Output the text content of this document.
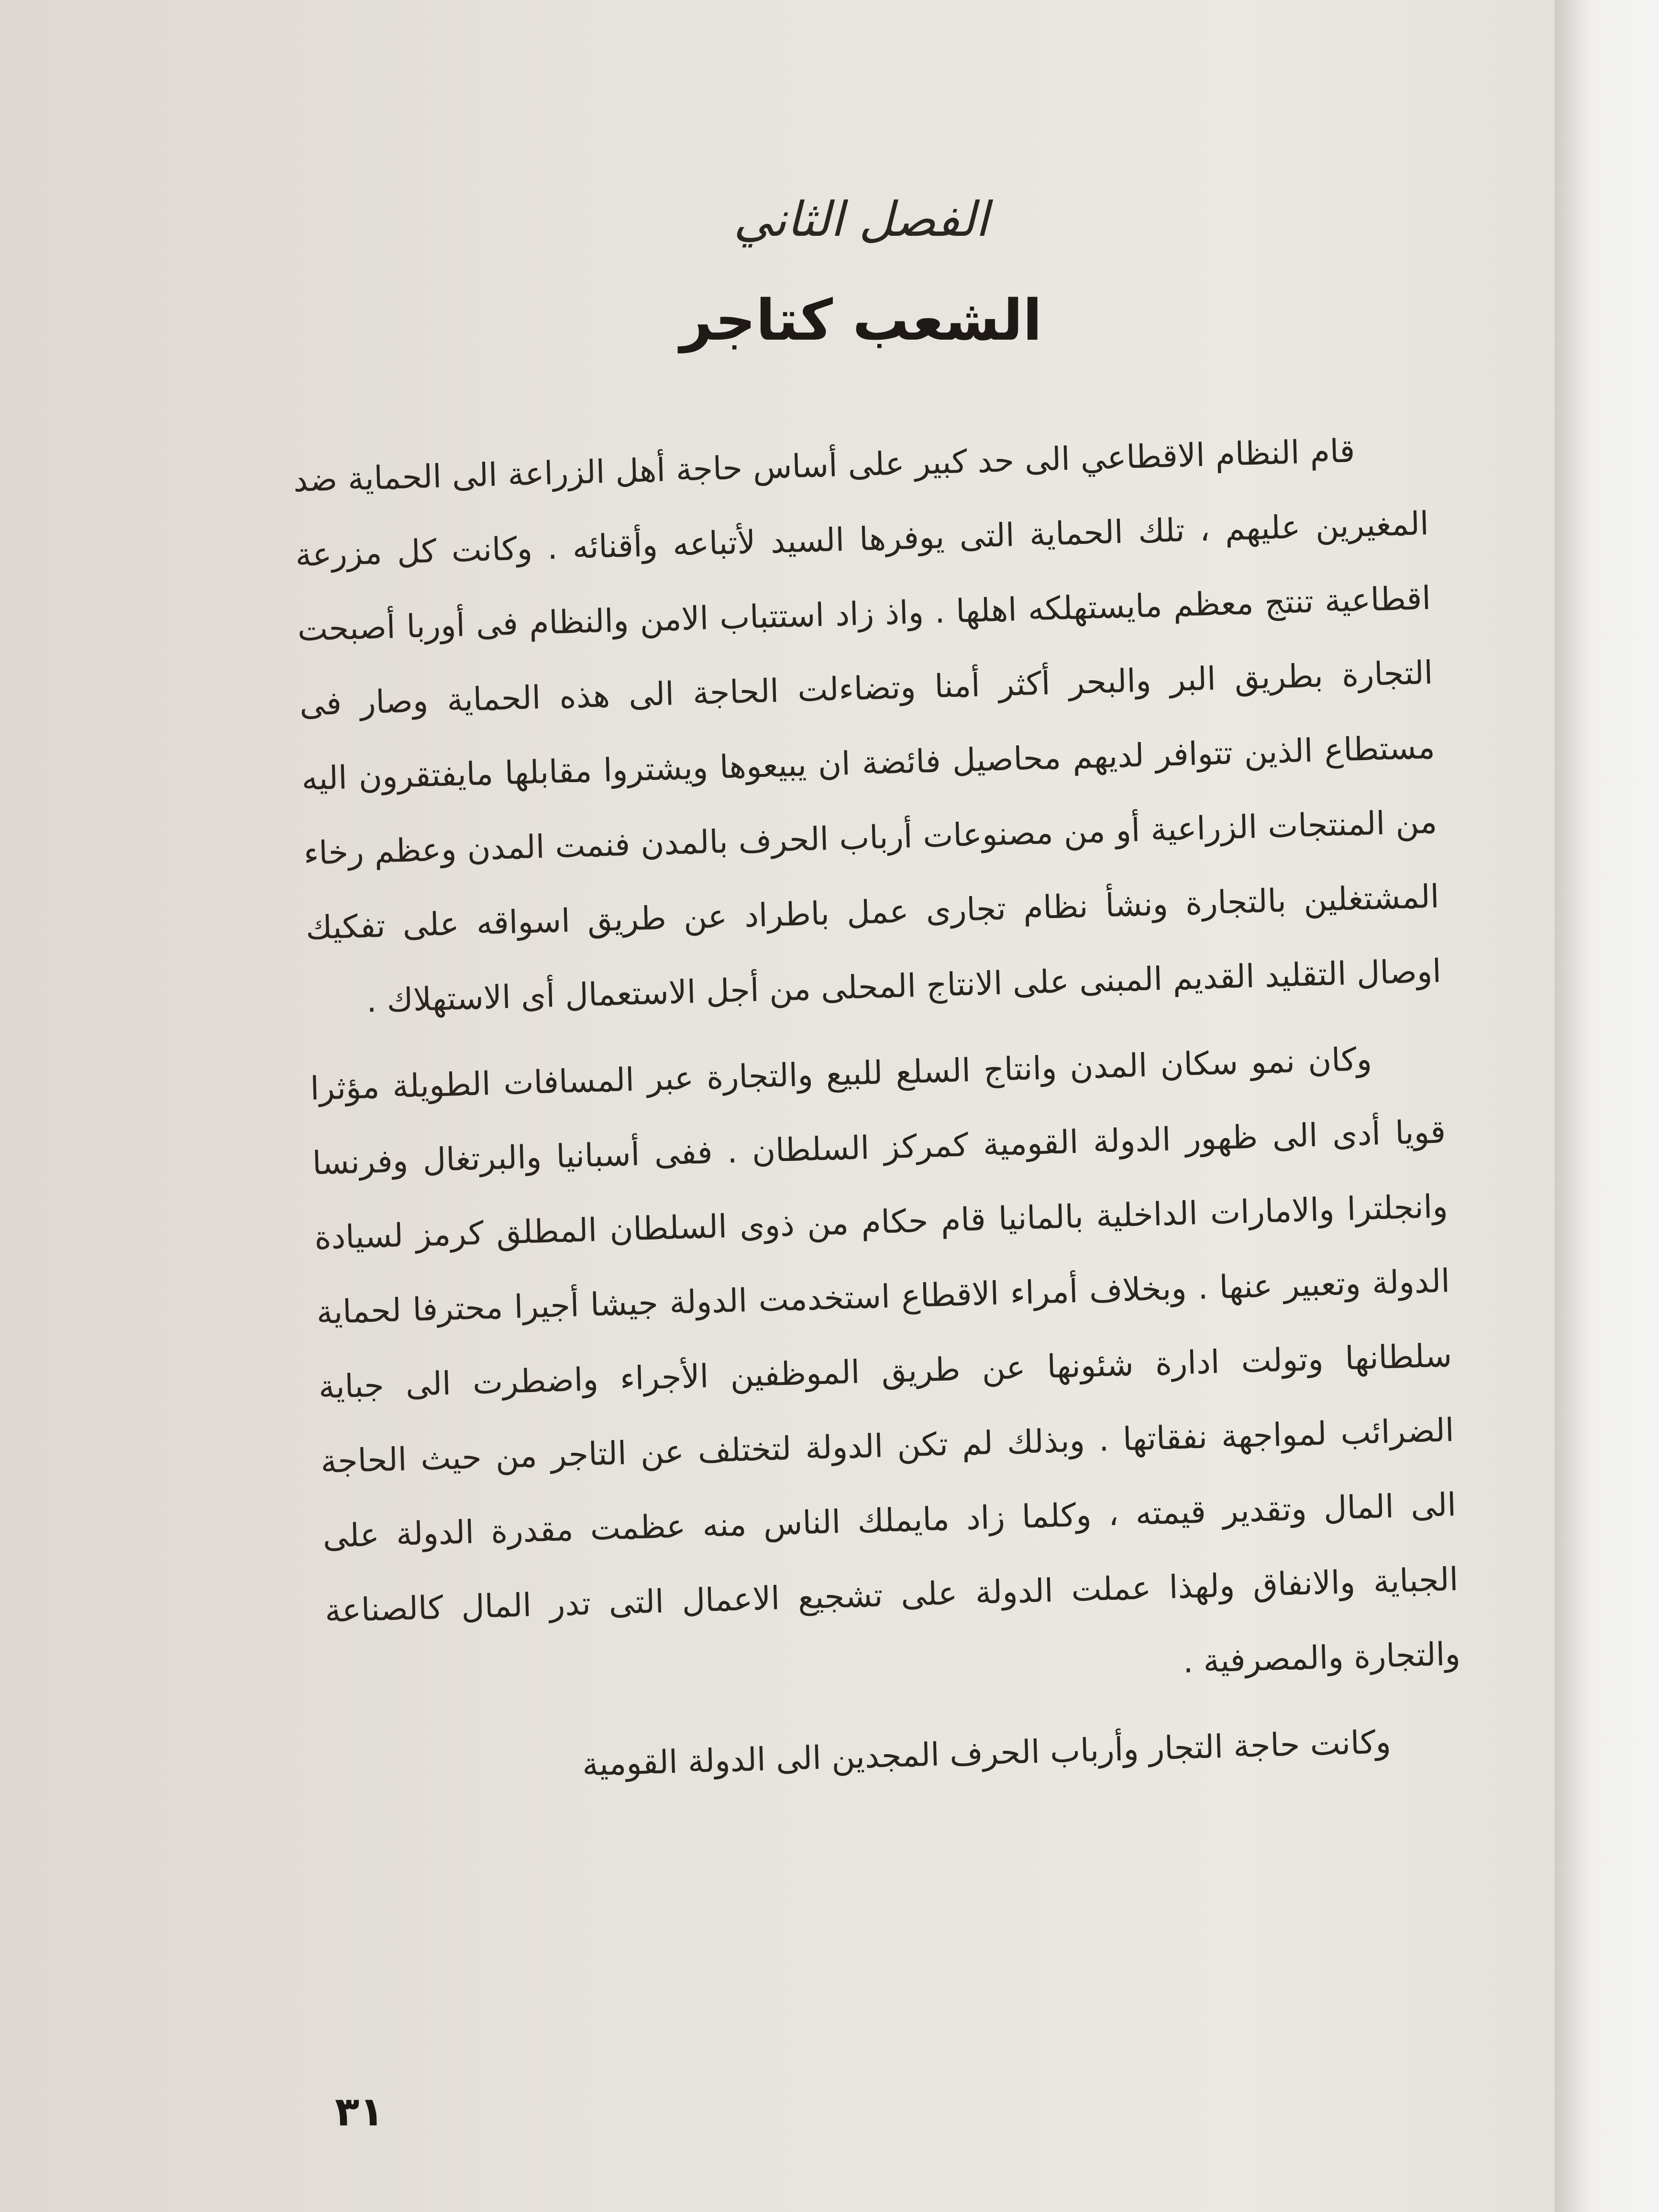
الفصل الثاني
الشعب كتاجر

قام النظام الاقطاعي الى حد كبير على أساس حاجة أهل الزراعة الى الحماية ضد المغيرين عليهم ، تلك الحماية التى يوفرها السيد لأتباعه وأقنائه . وكانت كل مزرعة اقطاعية تنتج معظم مايستهلكه اهلها . واذ زاد استتباب الامن والنظام فى أوربا أصبحت التجارة بطريق البر والبحر أكثر أمنا وتضاءلت الحاجة الى هذه الحماية وصار فى مستطاع الذين تتوافر لديهم محاصيل فائضة ان يبيعوها ويشتروا مقابلها مايفتقرون اليه من المنتجات الزراعية أو من مصنوعات أرباب الحرف بالمدن فنمت المدن وعظم رخاء المشتغلين بالتجارة ونشأ نظام تجارى عمل باطراد عن طريق اسواقه على تفكيك اوصال التقليد القديم المبنى على الانتاج المحلى من أجل الاستعمال أى الاستهلاك .

وكان نمو سكان المدن وانتاج السلع للبيع والتجارة عبر المسافات الطويلة مؤثرا قويا أدى الى ظهور الدولة القومية كمركز السلطان . ففى أسبانيا والبرتغال وفرنسا وانجلترا والامارات الداخلية بالمانيا قام حكام من ذوى السلطان المطلق كرمز لسيادة الدولة وتعبير عنها . وبخلاف أمراء الاقطاع استخدمت الدولة جيشا أجيرا محترفا لحماية سلطانها وتولت ادارة شئونها عن طريق الموظفين الأجراء واضطرت الى جباية الضرائب لمواجهة نفقاتها . وبذلك لم تكن الدولة لتختلف عن التاجر من حيث الحاجة الى المال وتقدير قيمته ، وكلما زاد مايملك الناس منه عظمت مقدرة الدولة على الجباية والانفاق ولهذا عملت الدولة على تشجيع الاعمال التى تدر المال كالصناعة والتجارة والمصرفية .

وكانت حاجة التجار وأرباب الحرف المجدين الى الدولة القومية

٣١
